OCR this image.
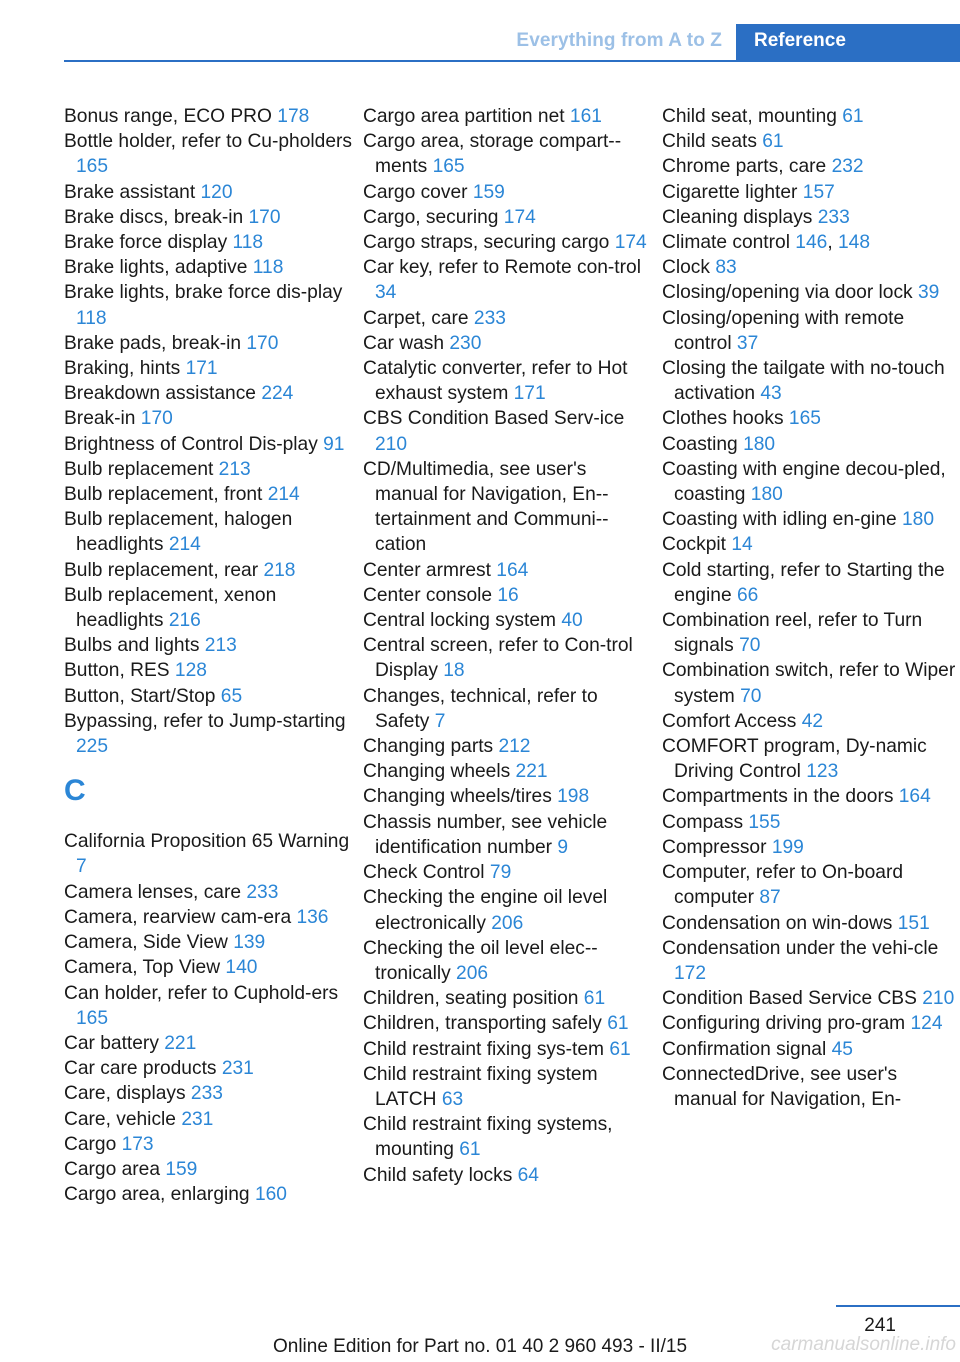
Everything from A to Z Reference
Bonus range, ECO PRO 178
Bottle holder, refer to Cu‑pholders 165
Brake assistant 120
Brake discs, break-in 170
Brake force display 118
Brake lights, adaptive 118
Brake lights, brake force dis‑play 118
Brake pads, break-in 170
Braking, hints 171
Breakdown assistance 224
Break-in 170
Brightness of Control Dis‑play 91
Bulb replacement 213
Bulb replacement, front 214
Bulb replacement, halogen headlights 214
Bulb replacement, rear 218
Bulb replacement, xenon headlights 216
Bulbs and lights 213
Button, RES 128
Button, Start/Stop 65
Bypassing, refer to Jump‑starting 225
C
California Proposition 65 Warning 7
Camera lenses, care 233
Camera, rearview cam‑era 136
Camera, Side View 139
Camera, Top View 140
Can holder, refer to Cuphold‑ers 165
Car battery 221
Car care products 231
Care, displays 233
Care, vehicle 231
Cargo 173
Cargo area 159
Cargo area, enlarging 160
Cargo area partition net 161
Cargo area, storage compart‑ments 165
Cargo cover 159
Cargo, securing 174
Cargo straps, securing cargo 174
Car key, refer to Remote con‑trol 34
Carpet, care 233
Car wash 230
Catalytic converter, refer to Hot exhaust system 171
CBS Condition Based Serv‑ice 210
CD/Multimedia, see user's manual for Navigation, En‑tertainment and Communi‑cation
Center armrest 164
Center console 16
Central locking system 40
Central screen, refer to Con‑trol Display 18
Changes, technical, refer to Safety 7
Changing parts 212
Changing wheels 221
Changing wheels/tires 198
Chassis number, see vehicle identification number 9
Check Control 79
Checking the engine oil level electronically 206
Checking the oil level elec‑tronically 206
Children, seating position 61
Children, transporting safely 61
Child restraint fixing sys‑tem 61
Child restraint fixing system LATCH 63
Child restraint fixing systems, mounting 61
Child safety locks 64
Child seat, mounting 61
Child seats 61
Chrome parts, care 232
Cigarette lighter 157
Cleaning displays 233
Climate control 146, 148
Clock 83
Closing/opening via door lock 39
Closing/opening with remote control 37
Closing the tailgate with no‑touch activation 43
Clothes hooks 165
Coasting 180
Coasting with engine decou‑pled, coasting 180
Coasting with idling en‑gine 180
Cockpit 14
Cold starting, refer to Starting the engine 66
Combination reel, refer to Turn signals 70
Combination switch, refer to Wiper system 70
Comfort Access 42
COMFORT program, Dy‑namic Driving Control 123
Compartments in the doors 164
Compass 155
Compressor 199
Computer, refer to On-board computer 87
Condensation on win‑dows 151
Condensation under the vehi‑cle 172
Condition Based Service CBS 210
Configuring driving pro‑gram 124
Confirmation signal 45
ConnectedDrive, see user's manual for Navigation, En‑
241
Online Edition for Part no. 01 40 2 960 493 - II/15	carmanualsonline.info
